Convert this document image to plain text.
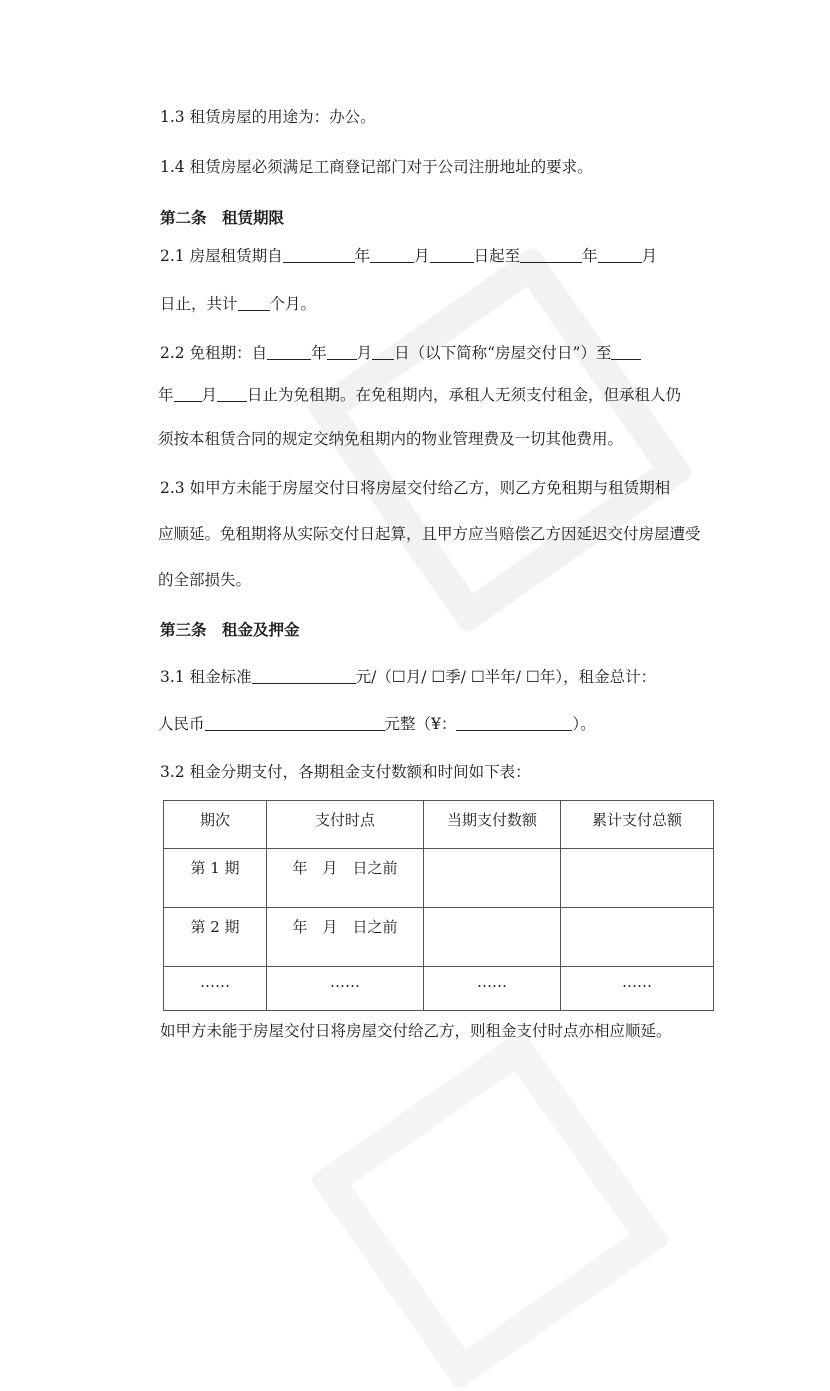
1.3 租赁房屋的用途为：办公。
1.4 租赁房屋必须满足工商登记部门对于公司注册地址的要求。
第二条　租赁期限
2.1 房屋租赁期自	年	月	日起至	年	月
日止，共计 个月。
2.2 免租期：自	年 月 日（以下简称“房屋交付日”）至
年 月 日止为免租期。在免租期内，承租人无须支付租金，但承租人仍
须按本租赁合同的规定交纳免租期内的物业管理费及一切其他费用。
2.3 如甲方未能于房屋交付日将房屋交付给乙方，则乙方免租期与租赁期相
应顺延。免租期将从实际交付日起算，且甲方应当赔偿乙方因延迟交付房屋遭受
的全部损失。
第三条　租金及押金
3.1 租金标准	元/（☐月/ ☐季/ ☐半年/ ☐年），租金总计：
人民币	元整（¥：	）。
3.2 租金分期支付，各期租金支付数额和时间如下表：
期次	支付时点	当期支付数额	累计支付总额
第 1 期	年　月　日之前		
第 2 期	年　月　日之前		
……	……	……	……
如甲方未能于房屋交付日将房屋交付给乙方，则租金支付时点亦相应顺延。
